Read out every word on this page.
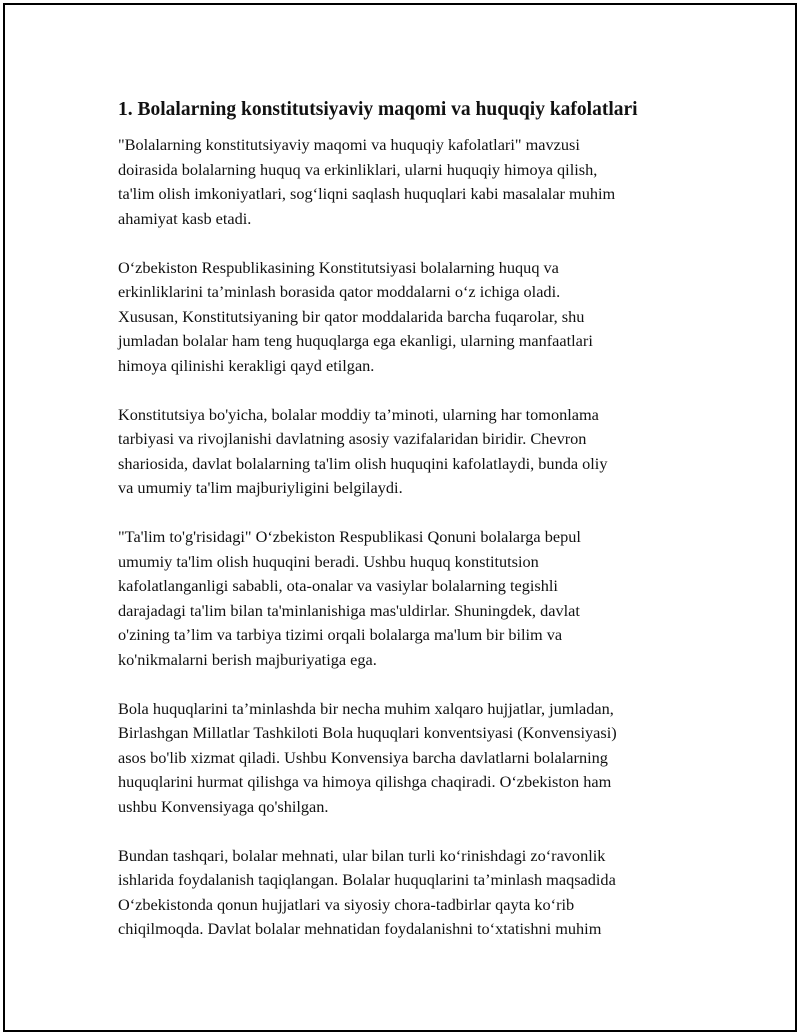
1. Bolalarning konstitutsiyaviy maqomi va huquqiy kafolatlari
"Bolalarning konstitutsiyaviy maqomi va huquqiy kafolatlari" mavzusi
doirasida bolalarning huquq va erkinliklari, ularni huquqiy himoya qilish,
ta'lim olish imkoniyatlari, sog‘liqni saqlash huquqlari kabi masalalar muhim
ahamiyat kasb etadi.
O‘zbekiston Respublikasining Konstitutsiyasi bolalarning huquq va
erkinliklarini ta’minlash borasida qator moddalarni o‘z ichiga oladi.
Xususan, Konstitutsiyaning bir qator moddalarida barcha fuqarolar, shu
jumladan bolalar ham teng huquqlarga ega ekanligi, ularning manfaatlari
himoya qilinishi kerakligi qayd etilgan.
Konstitutsiya bo'yicha, bolalar moddiy ta’minoti, ularning har tomonlama
tarbiyasi va rivojlanishi davlatning asosiy vazifalaridan biridir. Chevron
shariosida, davlat bolalarning ta'lim olish huquqini kafolatlaydi, bunda oliy
va umumiy ta'lim majburiyligini belgilaydi.
"Ta'lim to'g'risidagi" O‘zbekiston Respublikasi Qonuni bolalarga bepul
umumiy ta'lim olish huquqini beradi. Ushbu huquq konstitutsion
kafolatlanganligi sababli, ota-onalar va vasiylar bolalarning tegishli
darajadagi ta'lim bilan ta'minlanishiga mas'uldirlar. Shuningdek, davlat
o'zining ta’lim va tarbiya tizimi orqali bolalarga ma'lum bir bilim va
ko'nikmalarni berish majburiyatiga ega.
Bola huquqlarini ta’minlashda bir necha muhim xalqaro hujjatlar, jumladan,
Birlashgan Millatlar Tashkiloti Bola huquqlari konventsiyasi (Konvensiyasi)
asos bo'lib xizmat qiladi. Ushbu Konvensiya barcha davlatlarni bolalarning
huquqlarini hurmat qilishga va himoya qilishga chaqiradi. O‘zbekiston ham
ushbu Konvensiyaga qo'shilgan.
Bundan tashqari, bolalar mehnati, ular bilan turli ko‘rinishdagi zo‘ravonlik
ishlarida foydalanish taqiqlangan. Bolalar huquqlarini ta’minlash maqsadida
O‘zbekistonda qonun hujjatlari va siyosiy chora-tadbirlar qayta ko‘rib
chiqilmoqda. Davlat bolalar mehnatidan foydalanishni to‘xtatishni muhim
